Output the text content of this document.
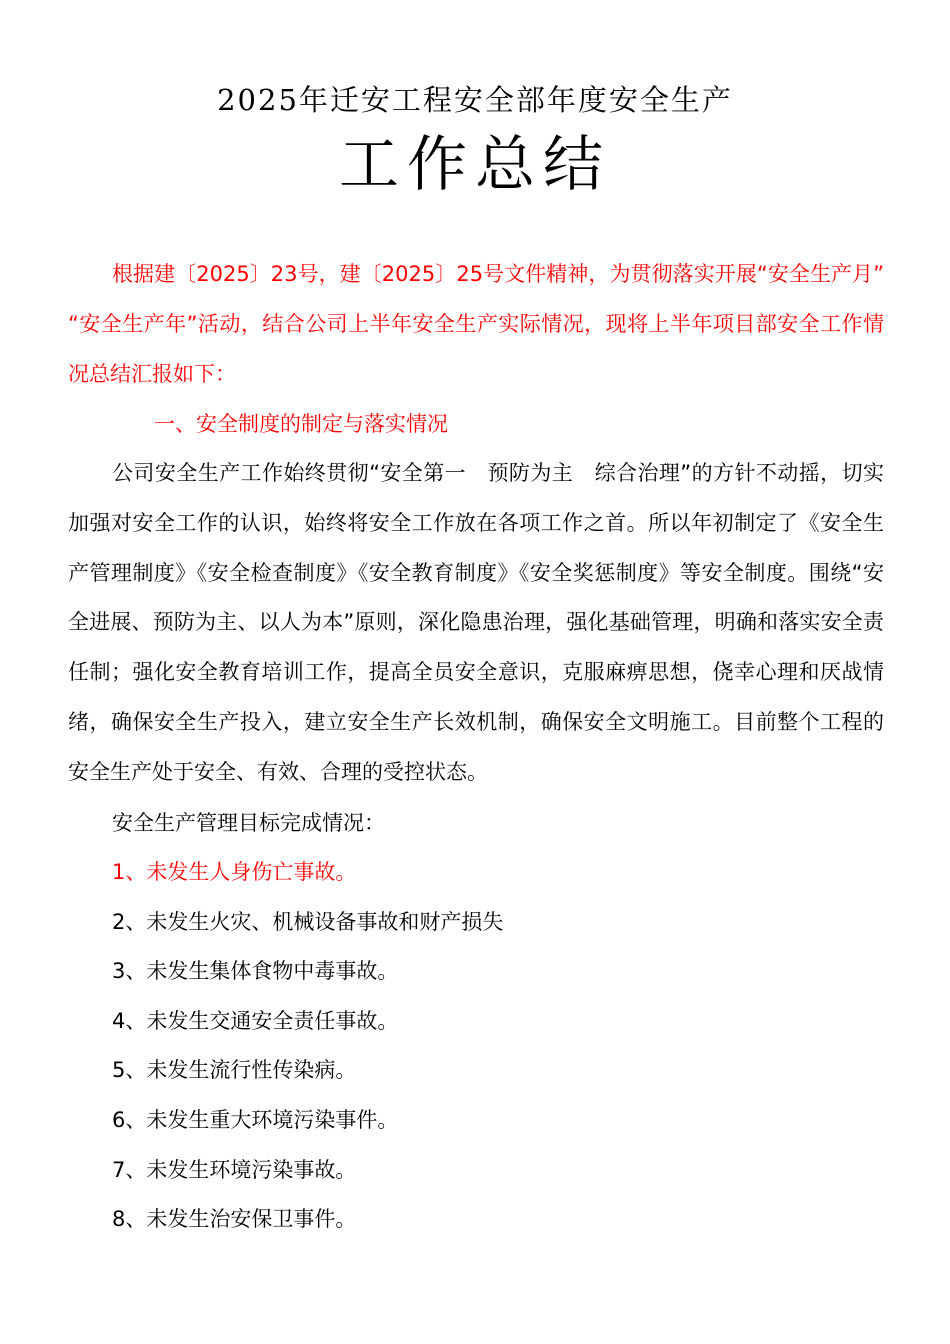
2025年迁安工程安全部年度安全生产
工作总结

根据建〔2025〕23号，建〔2025〕25号文件精神，为贯彻落实开展“安全生产月” “安全生产年”活动，结合公司上半年安全生产实际情况，现将上半年项目部安全工作情况总结汇报如下：

一、安全制度的制定与落实情况

公司安全生产工作始终贯彻“安全第一　预防为主　综合治理”的方针不动摇，切实加强对安全工作的认识，始终将安全工作放在各项工作之首。所以年初制定了《安全生产管理制度》《安全检查制度》《安全教育制度》《安全奖惩制度》等安全制度。围绕“安全进展、预防为主、以人为本”原则，深化隐患治理，强化基础管理，明确和落实安全责任制；强化安全教育培训工作，提高全员安全意识，克服麻痹思想，侥幸心理和厌战情绪，确保安全生产投入，建立安全生产长效机制，确保安全文明施工。目前整个工程的安全生产处于安全、有效、合理的受控状态。

安全生产管理目标完成情况：

1、未发生人身伤亡事故。

2、未发生火灾、机械设备事故和财产损失

3、未发生集体食物中毒事故。

4、未发生交通安全责任事故。

5、未发生流行性传染病。

6、未发生重大环境污染事件。

7、未发生环境污染事故。

8、未发生治安保卫事件。
